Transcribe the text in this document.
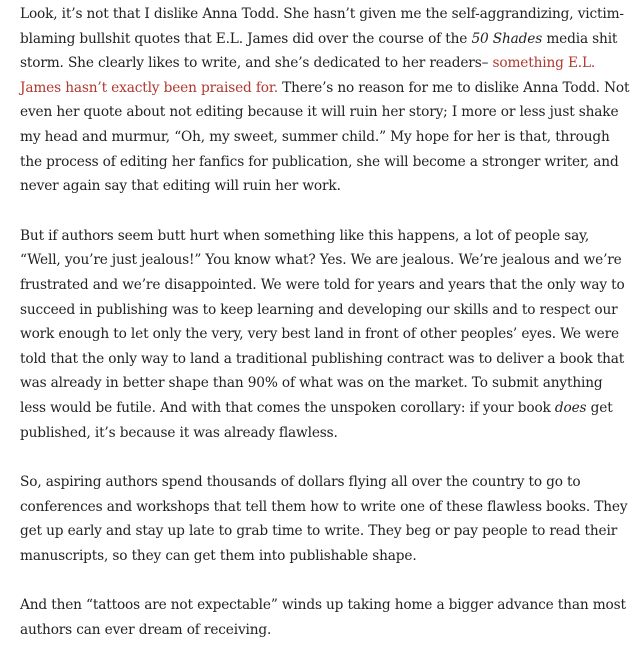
Look, it’s not that I dislike Anna Todd. She hasn’t given me the self-aggrandizing, victim-blaming bullshit quotes that E.L. James did over the course of the 50 Shades media shit storm. She clearly likes to write, and she’s dedicated to her readers– something E.L. James hasn’t exactly been praised for. There’s no reason for me to dislike Anna Todd. Not even her quote about not editing because it will ruin her story; I more or less just shake my head and murmur, “Oh, my sweet, summer child.” My hope for her is that, through the process of editing her fanfics for publication, she will become a stronger writer, and never again say that editing will ruin her work.

But if authors seem butt hurt when something like this happens, a lot of people say, “Well, you’re just jealous!” You know what? Yes. We are jealous. We’re jealous and we’re frustrated and we’re disappointed. We were told for years and years that the only way to succeed in publishing was to keep learning and developing our skills and to respect our work enough to let only the very, very best land in front of other peoples’ eyes. We were told that the only way to land a traditional publishing contract was to deliver a book that was already in better shape than 90% of what was on the market. To submit anything less would be futile. And with that comes the unspoken corollary: if your book does get published, it’s because it was already flawless.

So, aspiring authors spend thousands of dollars flying all over the country to go to conferences and workshops that tell them how to write one of these flawless books. They get up early and stay up late to grab time to write. They beg or pay people to read their manuscripts, so they can get them into publishable shape.

And then “tattoos are not expectable” winds up taking home a bigger advance than most authors can ever dream of receiving.
